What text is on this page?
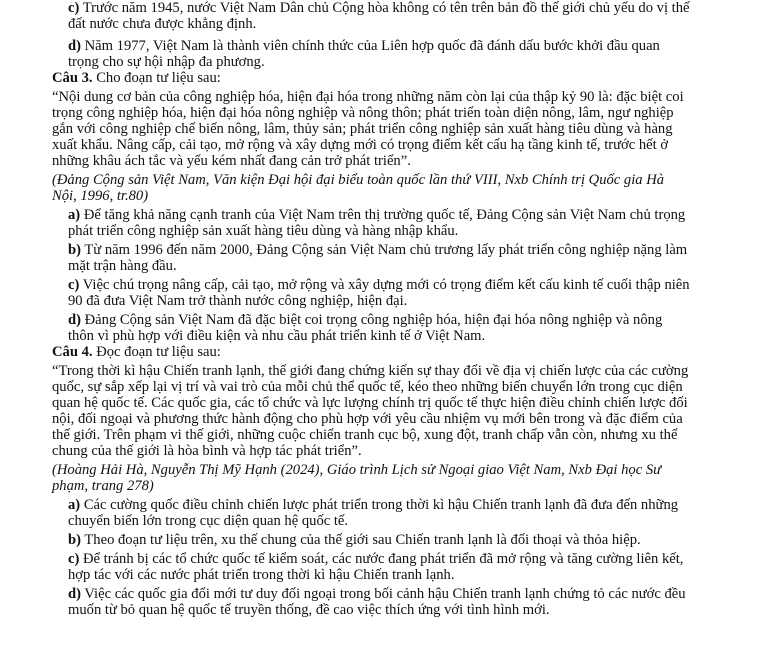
c) Trước năm 1945, nước Việt Nam Dân chủ Cộng hòa không có tên trên bản đồ thế giới chủ yếu do vị thế
đất nước chưa được khẳng định.
d) Năm 1977, Việt Nam là thành viên chính thức của Liên hợp quốc đã đánh dấu bước khởi đầu quan
trọng cho sự hội nhập đa phương.
Câu 3. Cho đoạn tư liệu sau:
“Nội dung cơ bản của công nghiệp hóa, hiện đại hóa trong những năm còn lại của thập kỷ 90 là: đặc biệt coi
trọng công nghiệp hóa, hiện đại hóa nông nghiệp và nông thôn; phát triển toàn diện nông, lâm, ngư nghiệp
gắn với công nghiệp chế biến nông, lâm, thủy sản; phát triển công nghiệp sản xuất hàng tiêu dùng và hàng
xuất khẩu. Nâng cấp, cải tạo, mở rộng và xây dựng mới có trọng điểm kết cấu hạ tầng kinh tế, trước hết ở
những khâu ách tắc và yếu kém nhất đang cản trở phát triển”.
(Đảng Cộng sản Việt Nam, Văn kiện Đại hội đại biểu toàn quốc lần thứ VIII, Nxb Chính trị Quốc gia Hà
Nội, 1996, tr.80)
a) Để tăng khả năng cạnh tranh của Việt Nam trên thị trường quốc tế, Đảng Cộng sản Việt Nam chủ trọng
phát triển công nghiệp sản xuất hàng tiêu dùng và hàng nhập khẩu.
b) Từ năm 1996 đến năm 2000, Đảng Cộng sản Việt Nam chủ trương lấy phát triển công nghiệp nặng làm
mặt trận hàng đầu.
c) Việc chú trọng nâng cấp, cải tạo, mở rộng và xây dựng mới có trọng điểm kết cấu kinh tế cuối thập niên
90 đã đưa Việt Nam trở thành nước công nghiệp, hiện đại.
d) Đảng Cộng sản Việt Nam đã đặc biệt coi trọng công nghiệp hóa, hiện đại hóa nông nghiệp và nông
thôn vì phù hợp với điều kiện và nhu cầu phát triển kinh tế ở Việt Nam.
Câu 4. Đọc đoạn tư liệu sau:
“Trong thời kì hậu Chiến tranh lạnh, thế giới đang chứng kiến sự thay đổi về địa vị chiến lược của các cường
quốc, sự sắp xếp lại vị trí và vai trò của mỗi chủ thể quốc tế, kéo theo những biến chuyển lớn trong cục diện
quan hệ quốc tế. Các quốc gia, các tổ chức và lực lượng chính trị quốc tế thực hiện điều chỉnh chiến lược đối
nội, đối ngoại và phương thức hành động cho phù hợp với yêu cầu nhiệm vụ mới bên trong và đặc điểm của
thế giới. Trên phạm vi thế giới, những cuộc chiến tranh cục bộ, xung đột, tranh chấp vẫn còn, nhưng xu thế
chung của thế giới là hòa bình và hợp tác phát triển”.
(Hoàng Hải Hà, Nguyễn Thị Mỹ Hạnh (2024), Giáo trình Lịch sử Ngoại giao Việt Nam, Nxb Đại học Sư
phạm, trang 278)
a) Các cường quốc điều chỉnh chiến lược phát triển trong thời kì hậu Chiến tranh lạnh đã đưa đến những
chuyển biến lớn trong cục diện quan hệ quốc tế.
b) Theo đoạn tư liệu trên, xu thế chung của thế giới sau Chiến tranh lạnh là đối thoại và thỏa hiệp.
c) Để tránh bị các tổ chức quốc tế kiểm soát, các nước đang phát triển đã mở rộng và tăng cường liên kết,
hợp tác với các nước phát triển trong thời kì hậu Chiến tranh lạnh.
d) Việc các quốc gia đổi mới tư duy đối ngoại trong bối cảnh hậu Chiến tranh lạnh chứng tỏ các nước đều
muốn từ bỏ quan hệ quốc tế truyền thống, đề cao việc thích ứng với tình hình mới.
